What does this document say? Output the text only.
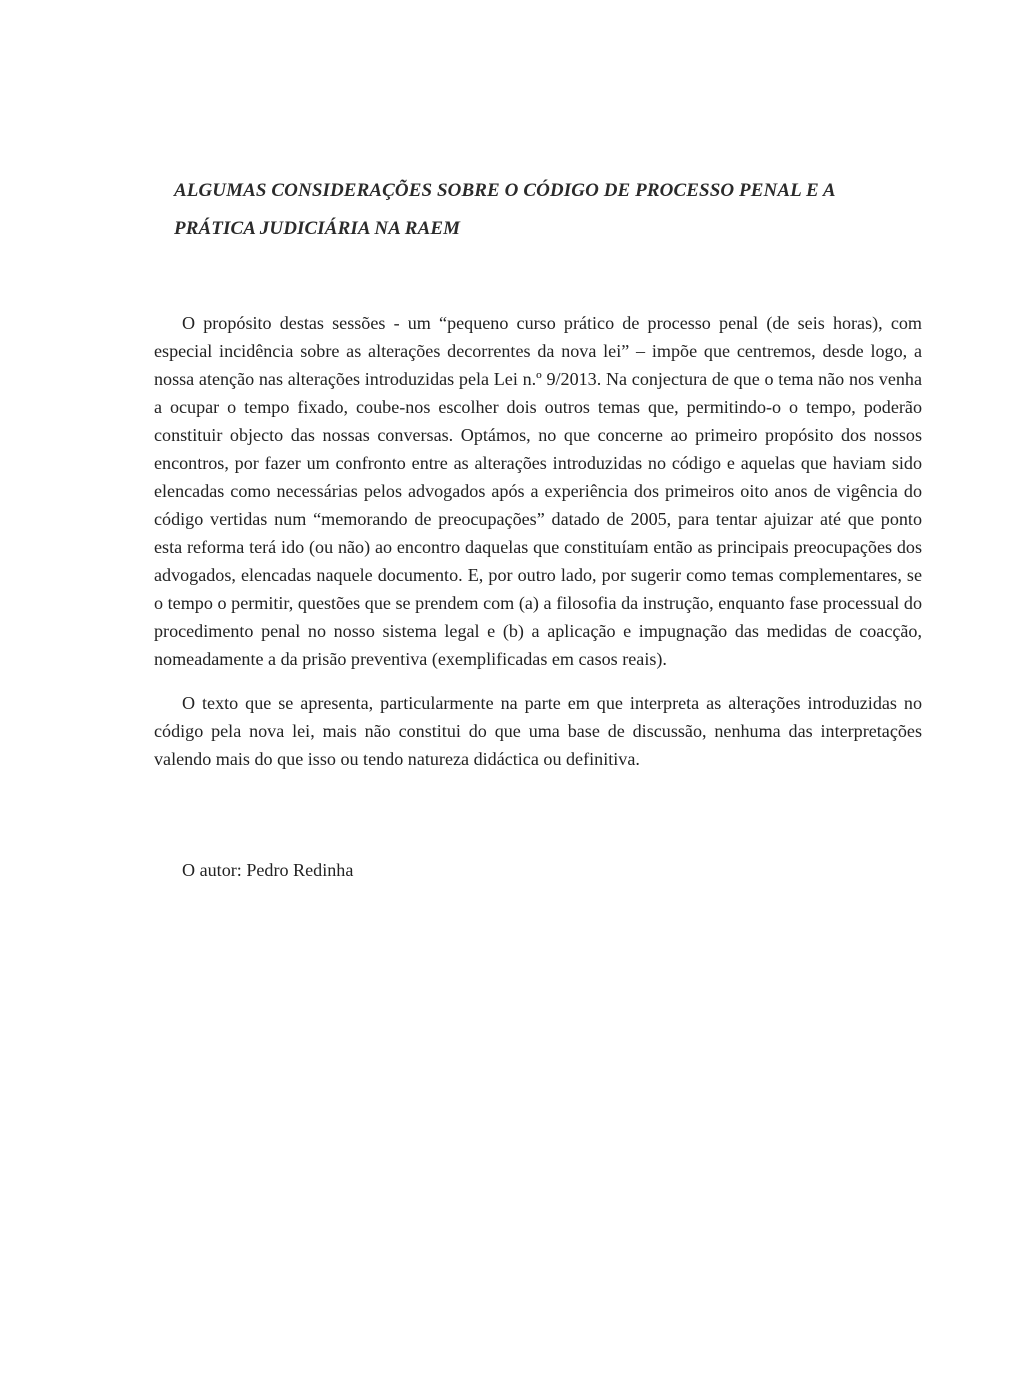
ALGUMAS CONSIDERAÇÕES SOBRE O CÓDIGO DE PROCESSO PENAL E A
PRÁTICA JUDICIÁRIA NA RAEM

O propósito destas sessões - um “pequeno curso prático de processo penal (de seis horas), com especial incidência sobre as alterações decorrentes da nova lei” – impõe que centremos, desde logo, a nossa atenção nas alterações introduzidas pela Lei n.º 9/2013. Na conjectura de que o tema não nos venha a ocupar o tempo fixado, coube-nos escolher dois outros temas que, permitindo-o o tempo, poderão constituir objecto das nossas conversas. Optámos, no que concerne ao primeiro propósito dos nossos encontros, por fazer um confronto entre as alterações introduzidas no código e aquelas que haviam sido elencadas como necessárias pelos advogados após a experiência dos primeiros oito anos de vigência do código vertidas num “memorando de preocupações” datado de 2005, para tentar ajuizar até que ponto esta reforma terá ido (ou não) ao encontro daquelas que constituíam então as principais preocupações dos advogados, elencadas naquele documento. E, por outro lado, por sugerir como temas complementares, se o tempo o permitir, questões que se prendem com (a) a filosofia da instrução, enquanto fase processual do procedimento penal no nosso sistema legal e (b) a aplicação e impugnação das medidas de coacção, nomeadamente a da prisão preventiva (exemplificadas em casos reais).

O texto que se apresenta, particularmente na parte em que interpreta as alterações introduzidas no código pela nova lei, mais não constitui do que uma base de discussão, nenhuma das interpretações valendo mais do que isso ou tendo natureza didáctica ou definitiva.

O autor: Pedro Redinha
